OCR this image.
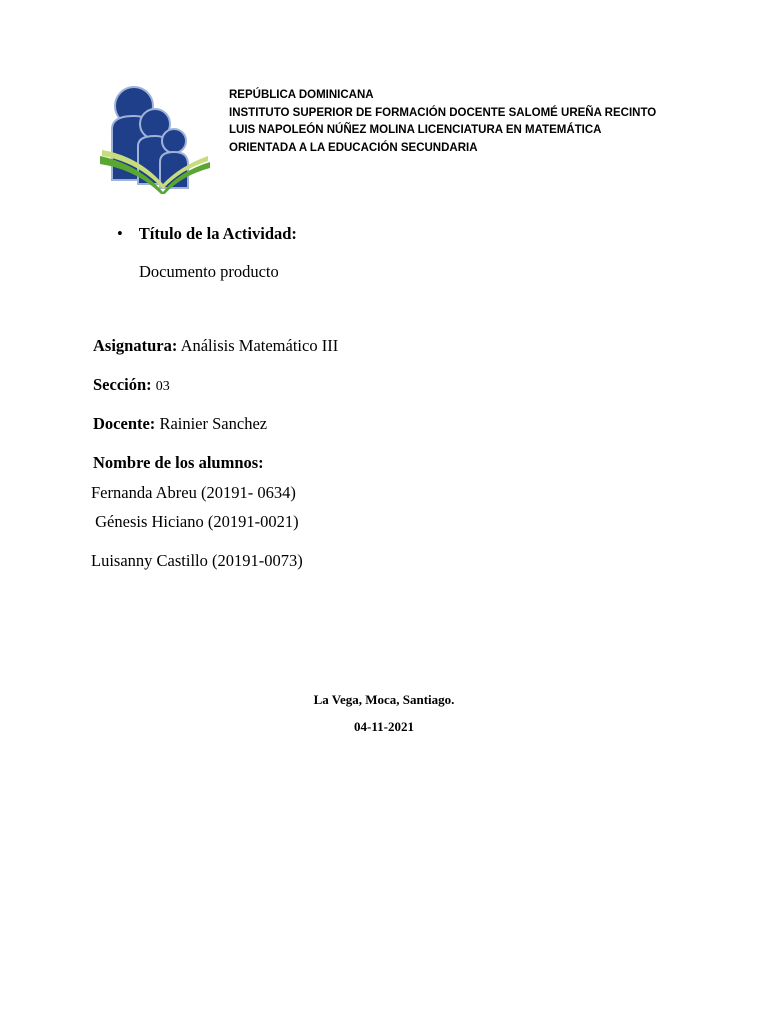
REPÚBLICA DOMINICANA
INSTITUTO SUPERIOR DE FORMACIÓN DOCENTE SALOMÉ UREÑA RECINTO
LUIS NAPOLEÓN NÚÑEZ MOLINA LICENCIATURA EN MATEMÁTICA
ORIENTADA A LA EDUCACIÓN SECUNDARIA
• Título de la Actividad:
Documento producto
Asignatura: Análisis Matemático III
Sección: 03
Docente: Rainier Sanchez
Nombre de los alumnos:
Fernanda Abreu (20191- 0634)
Génesis Hiciano (20191-0021)
Luisanny Castillo (20191-0073)
La Vega, Moca, Santiago.
04-11-2021
